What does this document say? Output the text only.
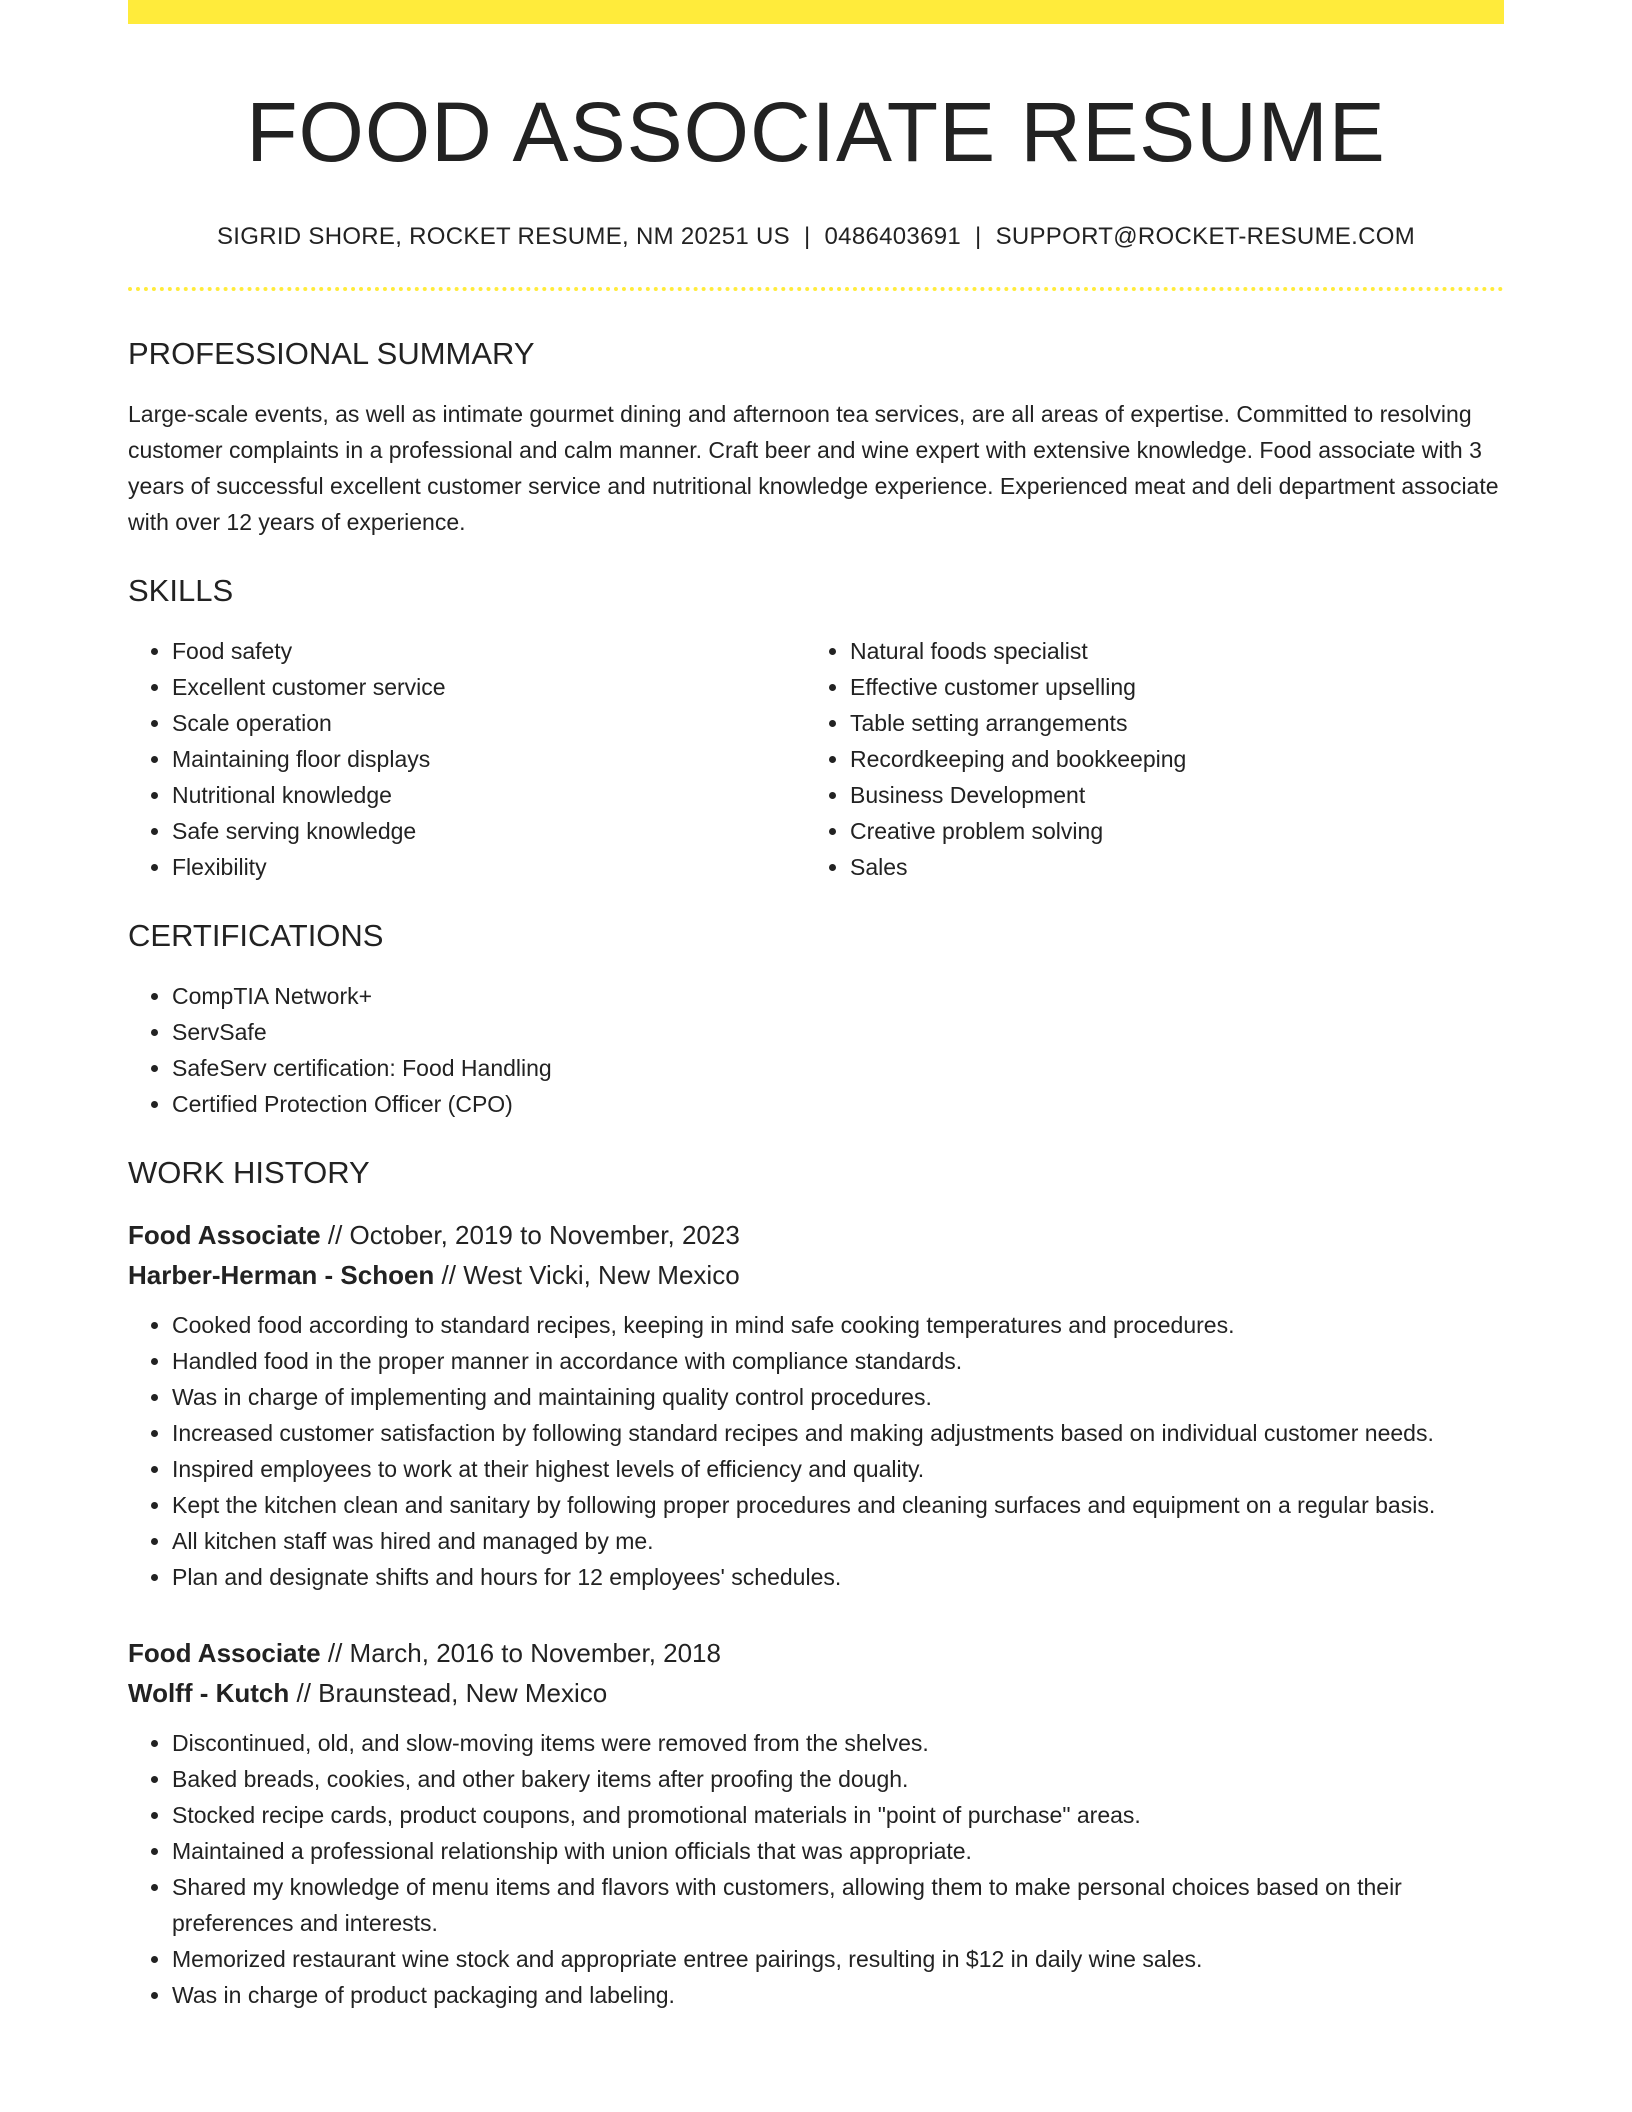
FOOD ASSOCIATE RESUME
SIGRID SHORE, ROCKET RESUME, NM 20251 US | 0486403691 | SUPPORT@ROCKET-RESUME.COM
PROFESSIONAL SUMMARY
Large-scale events, as well as intimate gourmet dining and afternoon tea services, are all areas of expertise. Committed to resolving customer complaints in a professional and calm manner. Craft beer and wine expert with extensive knowledge. Food associate with 3 years of successful excellent customer service and nutritional knowledge experience. Experienced meat and deli department associate with over 12 years of experience.
SKILLS
• Food safety
• Excellent customer service
• Scale operation
• Maintaining floor displays
• Nutritional knowledge
• Safe serving knowledge
• Flexibility
• Natural foods specialist
• Effective customer upselling
• Table setting arrangements
• Recordkeeping and bookkeeping
• Business Development
• Creative problem solving
• Sales
CERTIFICATIONS
• CompTIA Network+
• ServSafe
• SafeServ certification: Food Handling
• Certified Protection Officer (CPO)
WORK HISTORY
Food Associate // October, 2019 to November, 2023
Harber-Herman - Schoen // West Vicki, New Mexico
• Cooked food according to standard recipes, keeping in mind safe cooking temperatures and procedures.
• Handled food in the proper manner in accordance with compliance standards.
• Was in charge of implementing and maintaining quality control procedures.
• Increased customer satisfaction by following standard recipes and making adjustments based on individual customer needs.
• Inspired employees to work at their highest levels of efficiency and quality.
• Kept the kitchen clean and sanitary by following proper procedures and cleaning surfaces and equipment on a regular basis.
• All kitchen staff was hired and managed by me.
• Plan and designate shifts and hours for 12 employees' schedules.
Food Associate // March, 2016 to November, 2018
Wolff - Kutch // Braunstead, New Mexico
• Discontinued, old, and slow-moving items were removed from the shelves.
• Baked breads, cookies, and other bakery items after proofing the dough.
• Stocked recipe cards, product coupons, and promotional materials in "point of purchase" areas.
• Maintained a professional relationship with union officials that was appropriate.
• Shared my knowledge of menu items and flavors with customers, allowing them to make personal choices based on their preferences and interests.
• Memorized restaurant wine stock and appropriate entree pairings, resulting in $12 in daily wine sales.
• Was in charge of product packaging and labeling.
